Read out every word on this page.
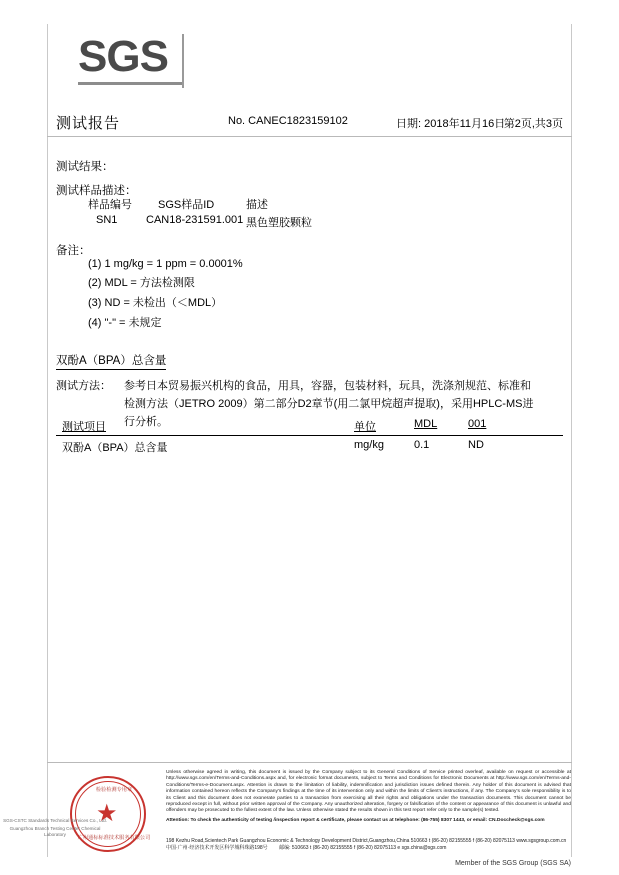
SGS
测试报告	No. CANEC1823159102	日期: 2018年11月16日
第2页,共3页
测试结果：
测试样品描述：
样品编号 SGS样品ID	描述
SN1	CAN18-231591.001 黑色塑胶颗粒
备注：
(1) 1 mg/kg = 1 ppm = 0.0001%
(2) MDL = 方法检测限
(3) ND = 未检出（＜MDL）
(4) "-" = 未规定
双酚A（BPA）总含量
测试方法： 参考日本贸易振兴机构的食品，用具，容器，包装材料，玩具，洗涤剂规范、标准和检测方法（JETRO 2009）第二部分D2章节(用二氯甲烷超声提取)，采用HPLC-MS进行分析。
测试项目	单位	MDL	001
双酚A（BPA）总含量	mg/kg	0.1	ND
★
检验检测专用章
广州通标标准技术服务有限公司
SGS-CSTC Standards Technical Services Co., Ltd.
Guangzhou Branch Testing Center Chemical Laboratory
Unless otherwise agreed in writing, this document is issued by the Company subject to its General Conditions of Service printed overleaf, available on request or accessible at http://www.sgs.com/en/Terms-and-Conditions.aspx and, for electronic format documents, subject to Terms and Conditions for Electronic Documents at http://www.sgs.com/en/Terms-and-Conditions/Terms-e-Document.aspx. Attention is drawn to the limitation of liability, indemnification and jurisdiction issues defined therein. Any holder of this document is advised that information contained hereon reflects the Company's findings at the time of its intervention only and within the limits of Client's instructions, if any. The Company's sole responsibility is to its Client and this document does not exonerate parties to a transaction from exercising all their rights and obligations under the transaction documents. This document cannot be reproduced except in full, without prior written approval of the Company. Any unauthorized alteration, forgery or falsification of the content or appearance of this document is unlawful and offenders may be prosecuted to the fullest extent of the law. Unless otherwise stated the results shown in this test report refer only to the sample(s) tested.
Attention: To check the authenticity of testing /inspection report & certificate, please contact us at telephone: (86-755) 8307 1443, or email: CN.Doccheck@sgs.com
198 Kezhu Road,Scientech Park Guangzhou Economic & Technology Development District,Guangzhou,China 510663 t (86-20) 82155555 f (86-20) 82075113 www.sgsgroup.com.cn
中国·广州·经济技术开发区科学城科珠路198号 邮编: 510663 t (86-20) 82155555 f (86-20) 82075113 e sgs.china@sgs.com
Member of the SGS Group (SGS SA)
